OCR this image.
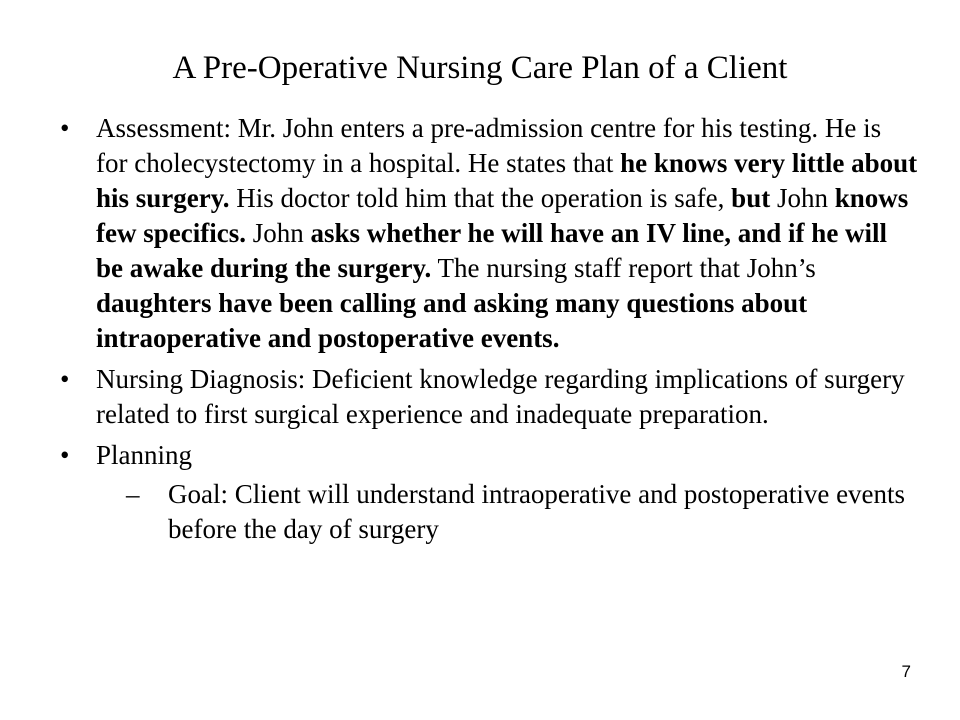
A Pre-Operative Nursing Care Plan of a Client
• Assessment: Mr. John enters a pre-admission centre for his testing. He is for cholecystectomy in a hospital. He states that he knows very little about his surgery. His doctor told him that the operation is safe, but John knows few specifics. John asks whether he will have an IV line, and if he will be awake during the surgery. The nursing staff report that John’s daughters have been calling and asking many questions about intraoperative and postoperative events.
• Nursing Diagnosis: Deficient knowledge regarding implications of surgery related to first surgical experience and inadequate preparation.
• Planning
– Goal: Client will understand intraoperative and postoperative events before the day of surgery
7
